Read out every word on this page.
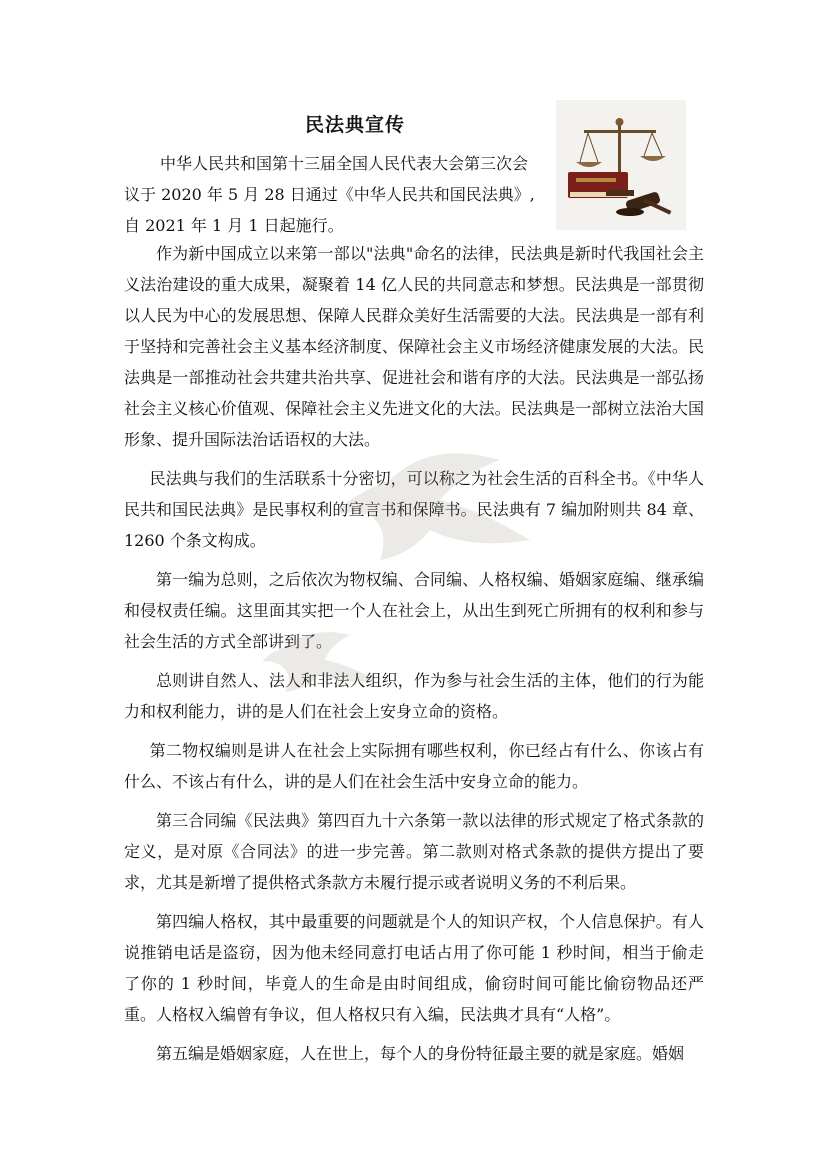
民法典宣传
中华人民共和国第十三届全国人民代表大会第三次会
议于 2020 年 5 月 28 日通过《中华人民共和国民法典》,
自 2021 年 1 月 1 日起施行。

作为新中国成立以来第一部以"法典"命名的法律，民法典是新时代我国社会主义法治建设的重大成果，凝聚着 14 亿人民的共同意志和梦想。民法典是一部贯彻以人民为中心的发展思想、保障人民群众美好生活需要的大法。民法典是一部有利于坚持和完善社会主义基本经济制度、保障社会主义市场经济健康发展的大法。民法典是一部推动社会共建共治共享、促进社会和谐有序的大法。民法典是一部弘扬社会主义核心价值观、保障社会主义先进文化的大法。民法典是一部树立法治大国形象、提升国际法治话语权的大法。

民法典与我们的生活联系十分密切，可以称之为社会生活的百科全书。《中华人民共和国民法典》是民事权利的宣言书和保障书。民法典有 7 编加附则共 84 章、1260 个条文构成。

第一编为总则，之后依次为物权编、合同编、人格权编、婚姻家庭编、继承编和侵权责任编。这里面其实把一个人在社会上，从出生到死亡所拥有的权利和参与社会生活的方式全部讲到了。

总则讲自然人、法人和非法人组织，作为参与社会生活的主体，他们的行为能力和权利能力，讲的是人们在社会上安身立命的资格。

第二物权编则是讲人在社会上实际拥有哪些权利，你已经占有什么、你该占有什么、不该占有什么，讲的是人们在社会生活中安身立命的能力。

第三合同编《民法典》第四百九十六条第一款以法律的形式规定了格式条款的定义，是对原《合同法》的进一步完善。第二款则对格式条款的提供方提出了要求，尤其是新增了提供格式条款方未履行提示或者说明义务的不利后果。

第四编人格权，其中最重要的问题就是个人的知识产权，个人信息保护。有人说推销电话是盗窃，因为他未经同意打电话占用了你可能 1 秒时间，相当于偷走了你的 1 秒时间，毕竟人的生命是由时间组成，偷窃时间可能比偷窃物品还严重。人格权入编曾有争议，但人格权只有入编，民法典才具有“人格”。

第五编是婚姻家庭，人在世上，每个人的身份特征最主要的就是家庭。婚姻
